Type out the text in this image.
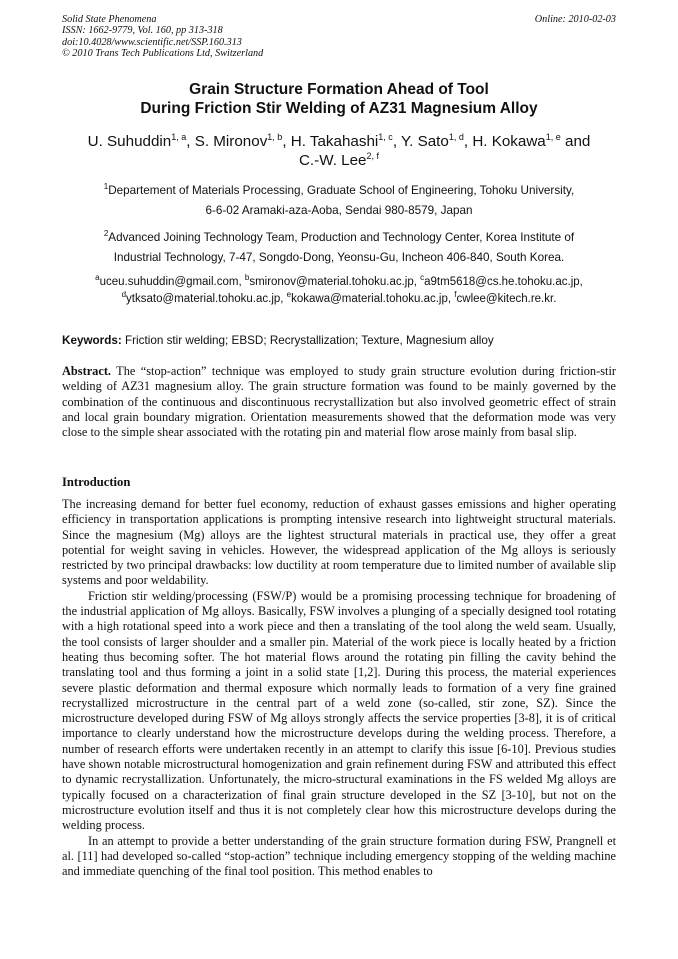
Solid State Phenomena
ISSN: 1662-9779, Vol. 160, pp 313-318
doi:10.4028/www.scientific.net/SSP.160.313
© 2010 Trans Tech Publications Ltd, Switzerland
Online: 2010-02-03
Grain Structure Formation Ahead of Tool
During Friction Stir Welding of AZ31 Magnesium Alloy
U. Suhuddin$^{1, a}$, S. Mironov$^{1, b}$, H. Takahashi$^{1, c}$, Y. Sato$^{1, d}$, H. Kokawa$^{1, e}$ and
C.-W. Lee$^{2, f}$
$^1$Departement of Materials Processing, Graduate School of Engineering, Tohoku University,
6-6-02 Aramaki-aza-Aoba, Sendai 980-8579, Japan
$^2$Advanced Joining Technology Team, Production and Technology Center, Korea Institute of
Industrial Technology, 7-47, Songdo-Dong, Yeonsu-Gu, Incheon 406-840, South Korea.
$^a$uceu.suhuddin@gmail.com, $^b$smironov@material.tohoku.ac.jp, $^c$a9tm5618@cs.he.tohoku.ac.jp,
$^d$ytksato@material.tohoku.ac.jp, $^e$kokawa@material.tohoku.ac.jp, $^f$cwlee@kitech.re.kr.
Keywords: Friction stir welding; EBSD; Recrystallization; Texture, Magnesium alloy
Abstract. The “stop-action” technique was employed to study grain structure evolution during friction-stir welding of AZ31 magnesium alloy. The grain structure formation was found to be mainly governed by the combination of the continuous and discontinuous recrystallization but also involved geometric effect of strain and local grain boundary migration. Orientation measurements showed that the deformation mode was very close to the simple shear associated with the rotating pin and material flow arose mainly from basal slip.
Introduction

The increasing demand for better fuel economy, reduction of exhaust gasses emissions and higher operating efficiency in transportation applications is prompting intensive research into lightweight structural materials. Since the magnesium (Mg) alloys are the lightest structural materials in practical use, they offer a great potential for weight saving in vehicles. However, the widespread application of the Mg alloys is seriously restricted by two principal drawbacks: low ductility at room temperature due to limited number of available slip systems and poor weldability.

Friction stir welding/processing (FSW/P) would be a promising processing technique for broadening of the industrial application of Mg alloys. Basically, FSW involves a plunging of a specially designed tool rotating with a high rotational speed into a work piece and then a translating of the tool along the weld seam. Usually, the tool consists of larger shoulder and a smaller pin. Material of the work piece is locally heated by a friction heating thus becoming softer. The hot material flows around the rotating pin filling the cavity behind the translating tool and thus forming a joint in a solid state [1,2]. During this process, the material experiences severe plastic deformation and thermal exposure which normally leads to formation of a very fine grained recrystallized microstructure in the central part of a weld zone (so-called, stir zone, SZ). Since the microstructure developed during FSW of Mg alloys strongly affects the service properties [3-8], it is of critical importance to clearly understand how the microstructure develops during the welding process. Therefore, a number of research efforts were undertaken recently in an attempt to clarify this issue [6-10]. Previous studies have shown notable microstructural homogenization and grain refinement during FSW and attributed this effect to dynamic recrystallization. Unfortunately, the micro-structural examinations in the FS welded Mg alloys are typically focused on a characterization of final grain structure developed in the SZ [3-10], but not on the microstructure evolution itself and thus it is not completely clear how this microstructure develops during the welding process.

In an attempt to provide a better understanding of the grain structure formation during FSW, Prangnell et al. [11] had developed so-called “stop-action” technique including emergency stopping of the welding machine and immediate quenching of the final tool position. This method enables to
